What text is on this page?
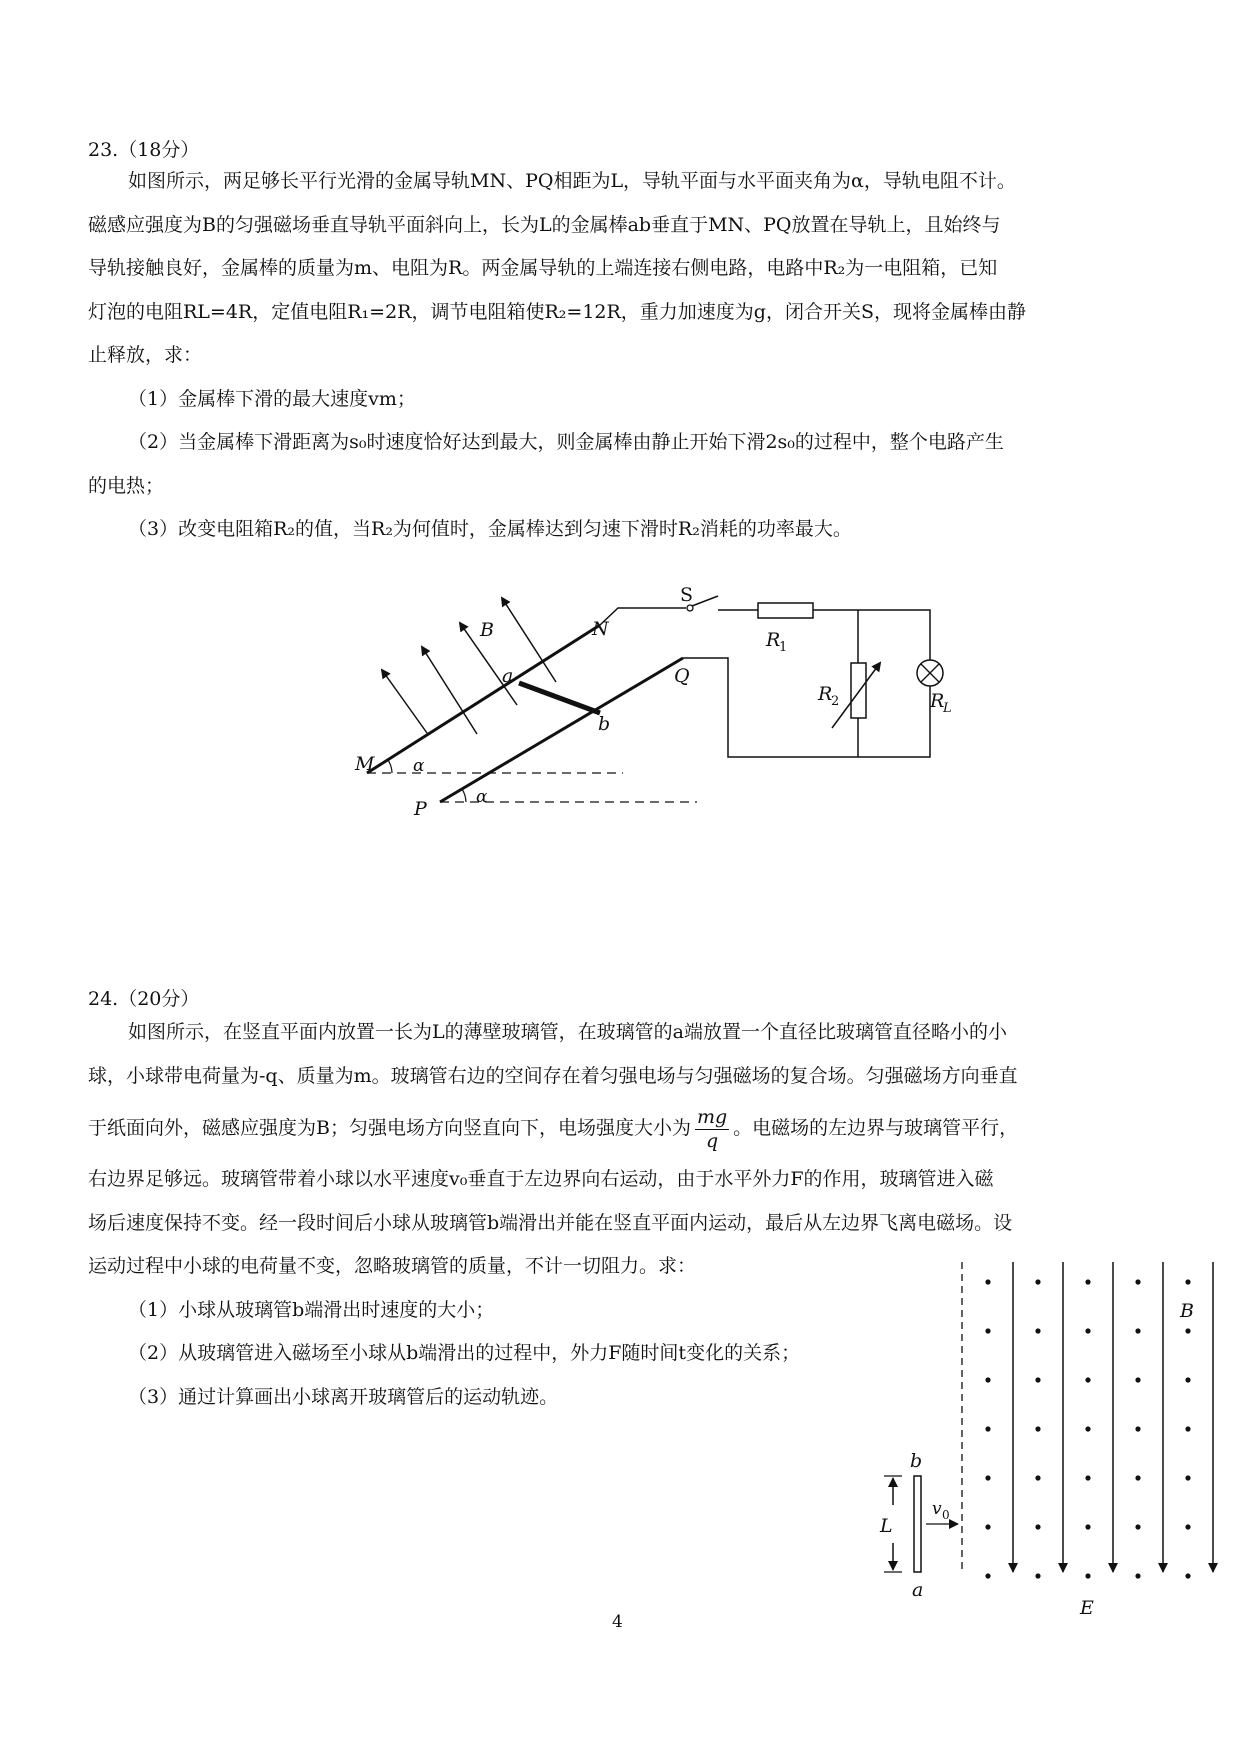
23.（18分）

如图所示，两足够长平行光滑的金属导轨MN、PQ相距为L，导轨平面与水平面夹角为α，导轨电阻不计。

磁感应强度为B的匀强磁场垂直导轨平面斜向上，长为L的金属棒ab垂直于MN、PQ放置在导轨上，且始终与

导轨接触良好，金属棒的质量为m、电阻为R。两金属导轨的上端连接右侧电路，电路中R₂为一电阻箱，已知

灯泡的电阻RL=4R，定值电阻R₁=2R，调节电阻箱使R₂=12R，重力加速度为g，闭合开关S，现将金属棒由静

止释放，求：

（1）金属棒下滑的最大速度vm；

（2）当金属棒下滑距离为s₀时速度恰好达到最大，则金属棒由静止开始下滑2s₀的过程中，整个电路产生

的电热；

（3）改变电阻箱R₂的值，当R₂为何值时，金属棒达到匀速下滑时R₂消耗的功率最大。

S
N
B
Q
a
b
M
P
α
α
R
1
R
2	R
L
24.（20分）

如图所示，在竖直平面内放置一长为L的薄壁玻璃管，在玻璃管的a端放置一个直径比玻璃管直径略小的小

球，小球带电荷量为-q、质量为m。玻璃管右边的空间存在着匀强电场与匀强磁场的复合场。匀强磁场方向垂直

于纸面向外，磁感应强度为B；匀强电场方向竖直向下，电场强度大小为 $\frac{mg}{q}$ 。电磁场的左边界与玻璃管平行，

右边界足够远。玻璃管带着小球以水平速度v₀垂直于左边界向右运动，由于水平外力F的作用，玻璃管进入磁

场后速度保持不变。经一段时间后小球从玻璃管b端滑出并能在竖直平面内运动，最后从左边界飞离电磁场。设

运动过程中小球的电荷量不变，忽略玻璃管的质量，不计一切阻力。求：

（1）小球从玻璃管b端滑出时速度的大小；

（2）从玻璃管进入磁场至小球从b端滑出的过程中，外力F随时间t变化的关系；

（3）通过计算画出小球离开玻璃管后的运动轨迹。

B
E
b
a
L
v 0
4
